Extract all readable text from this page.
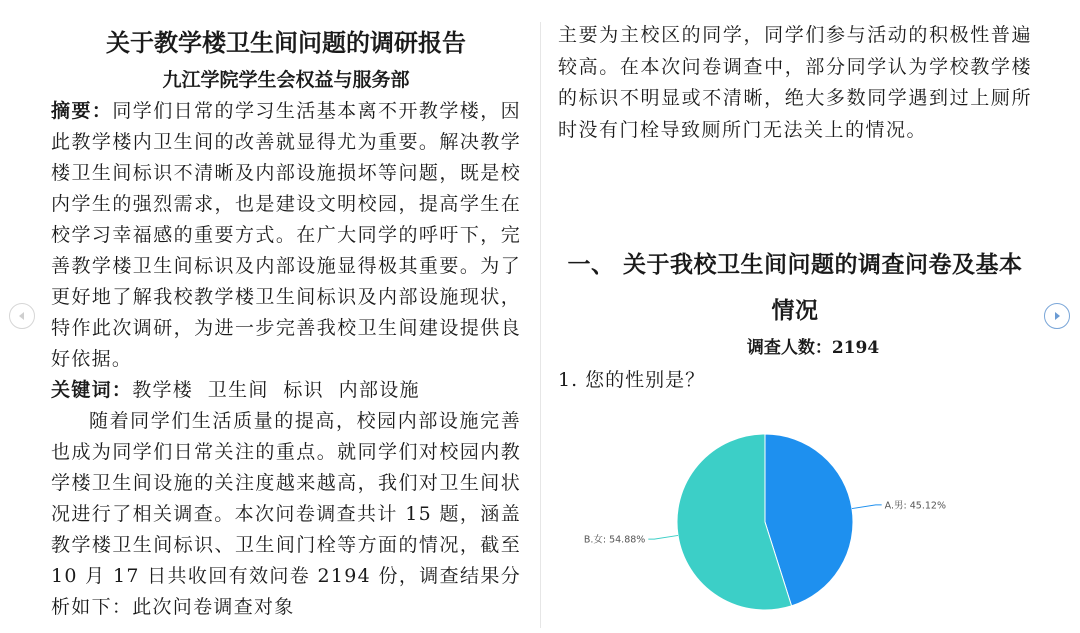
关于教学楼卫生间问题的调研报告
九江学院学生会权益与服务部

摘要：同学们日常的学习生活基本离不开教学楼，因此教学楼内卫生间的改善就显得尤为重要。解决教学楼卫生间标识不清晰及内部设施损坏等问题，既是校内学生的强烈需求，也是建设文明校园，提高学生在校学习幸福感的重要方式。在广大同学的呼吁下，完善教学楼卫生间标识及内部设施显得极其重要。为了更好地了解我校教学楼卫生间标识及内部设施现状，特作此次调研，为进一步完善我校卫生间建设提供良好依据。

关键词：教学楼  卫生间  标识  内部设施

随着同学们生活质量的提高，校园内部设施完善也成为同学们日常关注的重点。就同学们对校园内教学楼卫生间设施的关注度越来越高，我们对卫生间状况进行了相关调查。本次问卷调查共计 15 题，涵盖教学楼卫生间标识、卫生间门栓等方面的情况，截至 10 月 17 日共收回有效问卷 2194 份，调查结果分析如下：此次问卷调查对象

主要为主校区的同学，同学们参与活动的积极性普遍较高。在本次问卷调查中，部分同学认为学校教学楼的标识不明显或不清晰，绝大多数同学遇到过上厕所时没有门栓导致厕所门无法关上的情况。

一、 关于我校卫生间问题的调查问卷及基本情况
调查人数：2194
1. 您的性别是？
A.男: 45.12%
B.女: 54.88%
